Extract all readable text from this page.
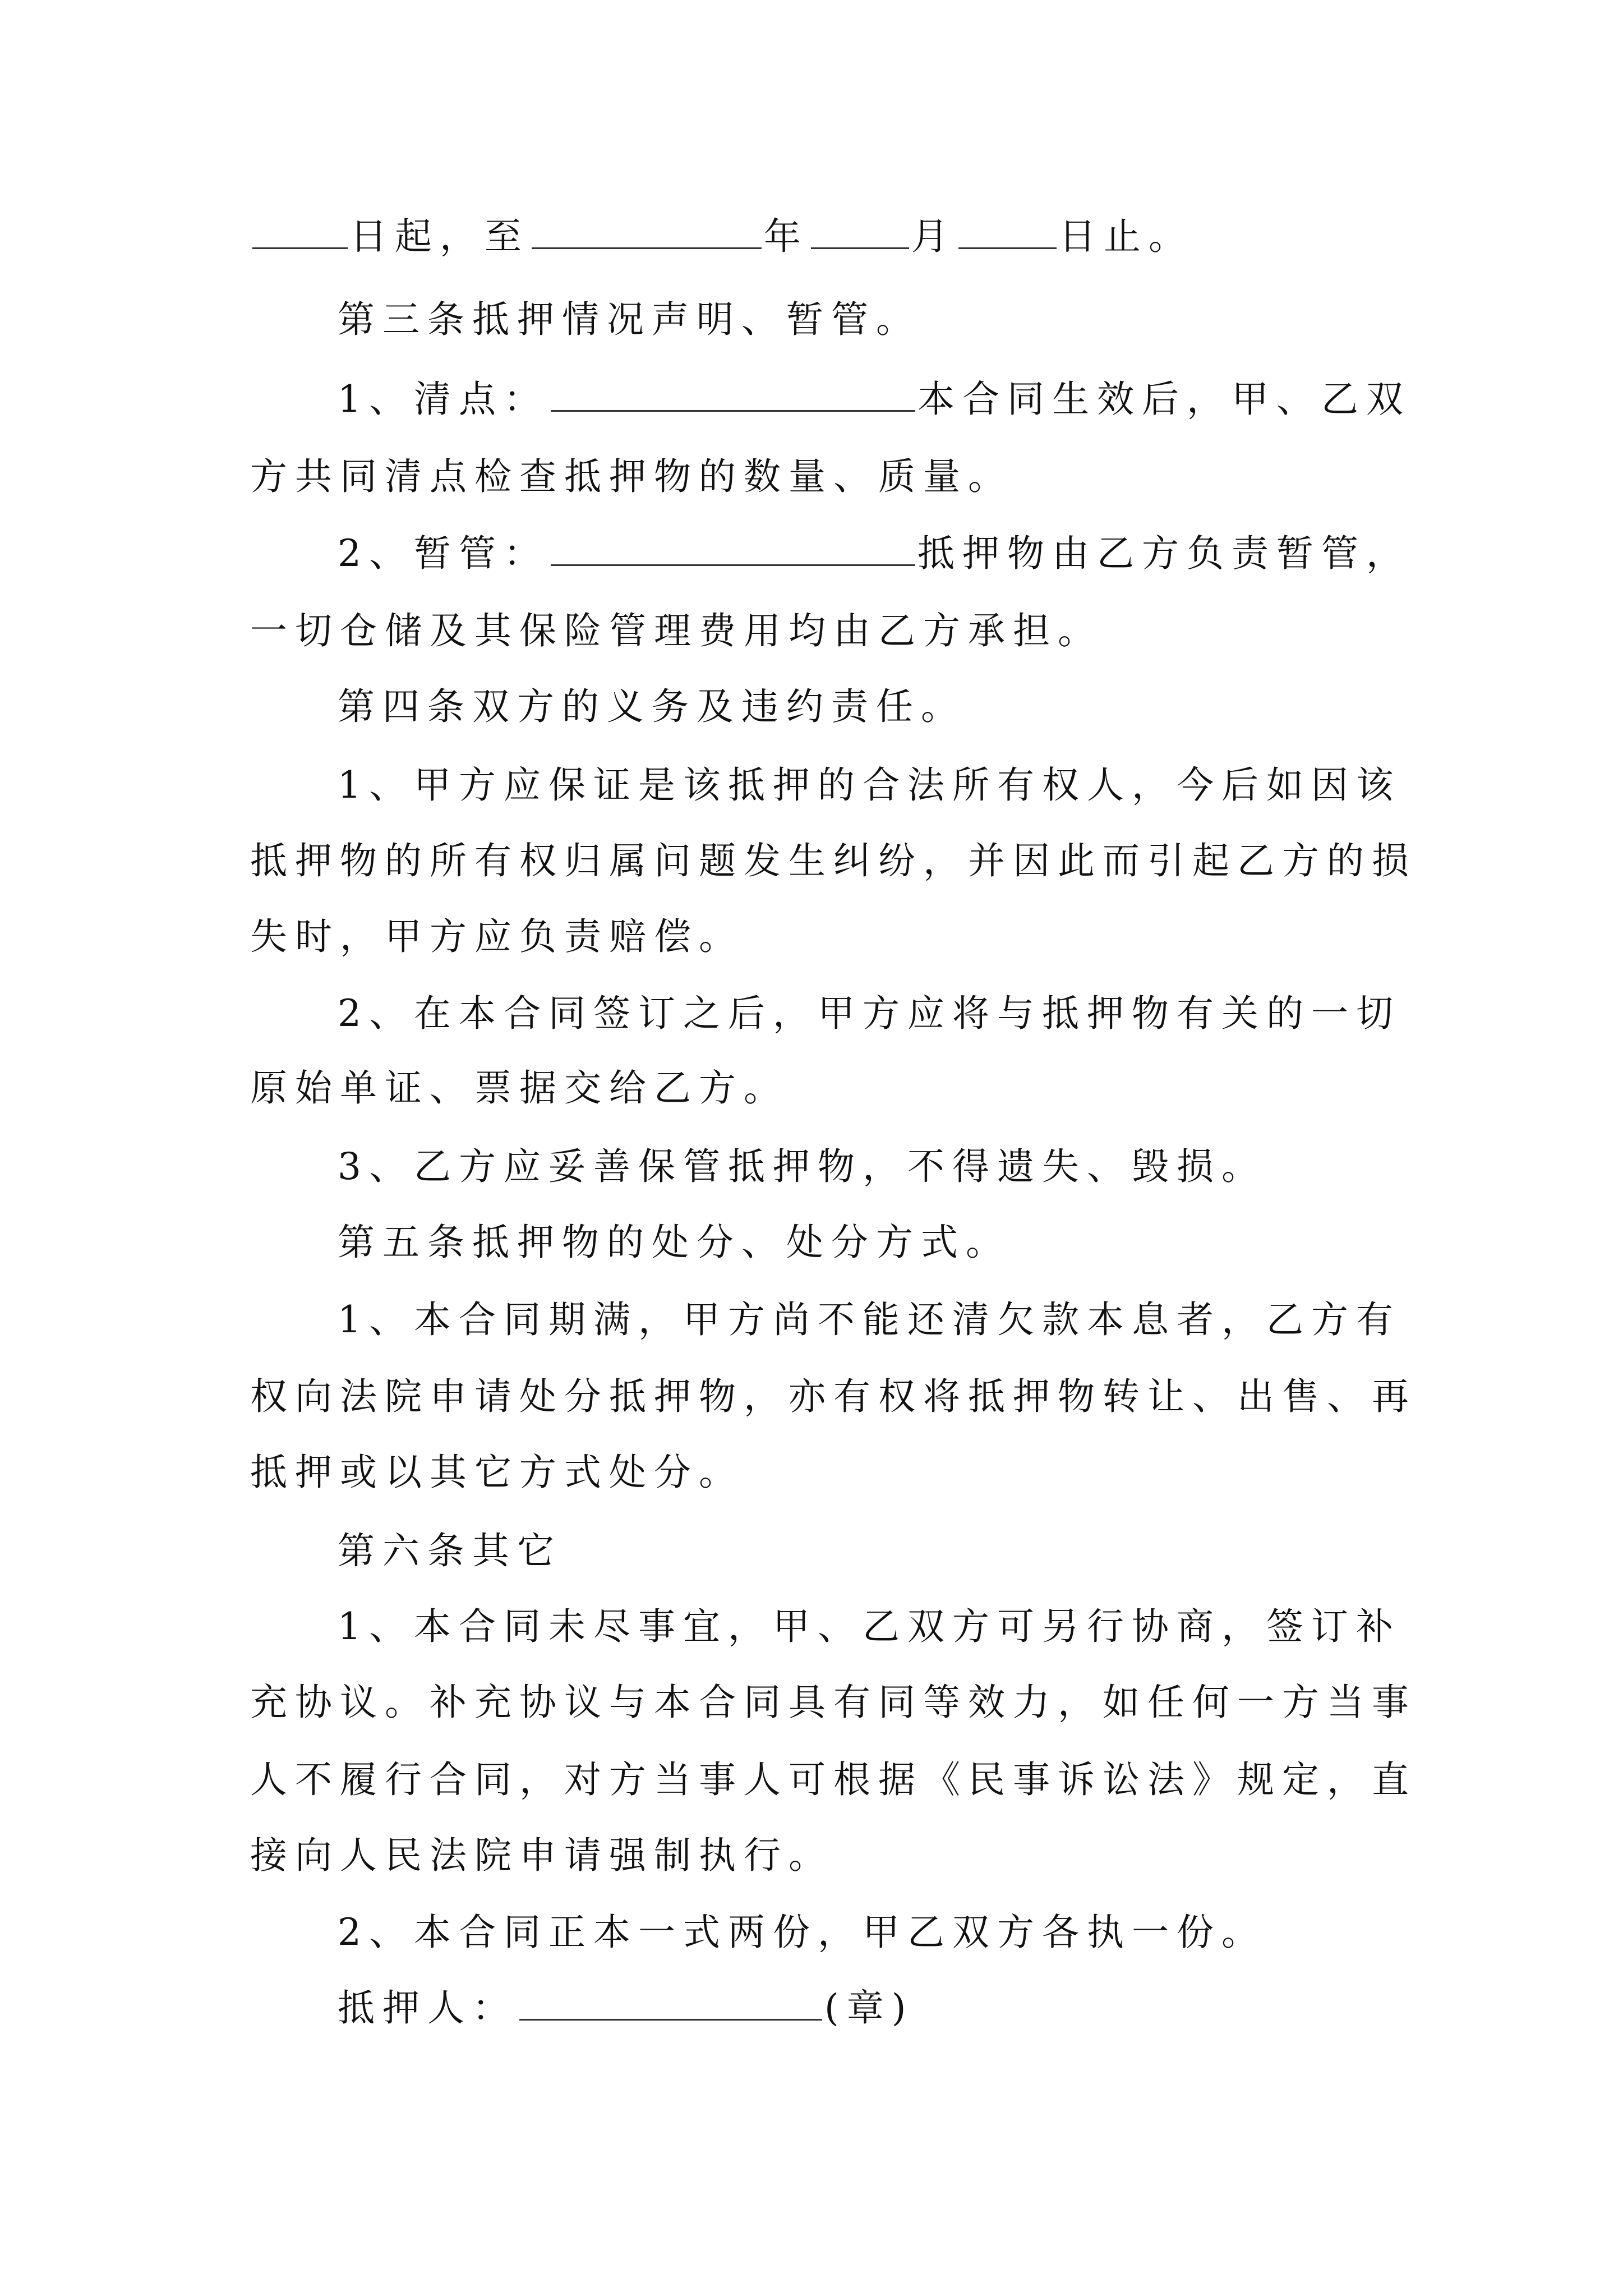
日起，至	年	月	日止。
第三条抵押情况声明、暂管。
1、清点：	本合同生效后，甲、乙双
方共同清点检查抵押物的数量、质量。
2、暂管：	抵押物由乙方负责暂管，
一切仓储及其保险管理费用均由乙方承担。
第四条双方的义务及违约责任。
1、甲方应保证是该抵押的合法所有权人，今后如因该
抵押物的所有权归属问题发生纠纷，并因此而引起乙方的损
失时，甲方应负责赔偿。
2、在本合同签订之后，甲方应将与抵押物有关的一切
原始单证、票据交给乙方。
3、乙方应妥善保管抵押物，不得遗失、毁损。
第五条抵押物的处分、处分方式。
1、本合同期满，甲方尚不能还清欠款本息者，乙方有
权向法院申请处分抵押物，亦有权将抵押物转让、出售、再
抵押或以其它方式处分。
第六条其它
1、本合同未尽事宜，甲、乙双方可另行协商，签订补
充协议。补充协议与本合同具有同等效力，如任何一方当事
人不履行合同，对方当事人可根据《民事诉讼法》规定，直
接向人民法院申请强制执行。
2、本合同正本一式两份，甲乙双方各执一份。
抵押人：	(章)
